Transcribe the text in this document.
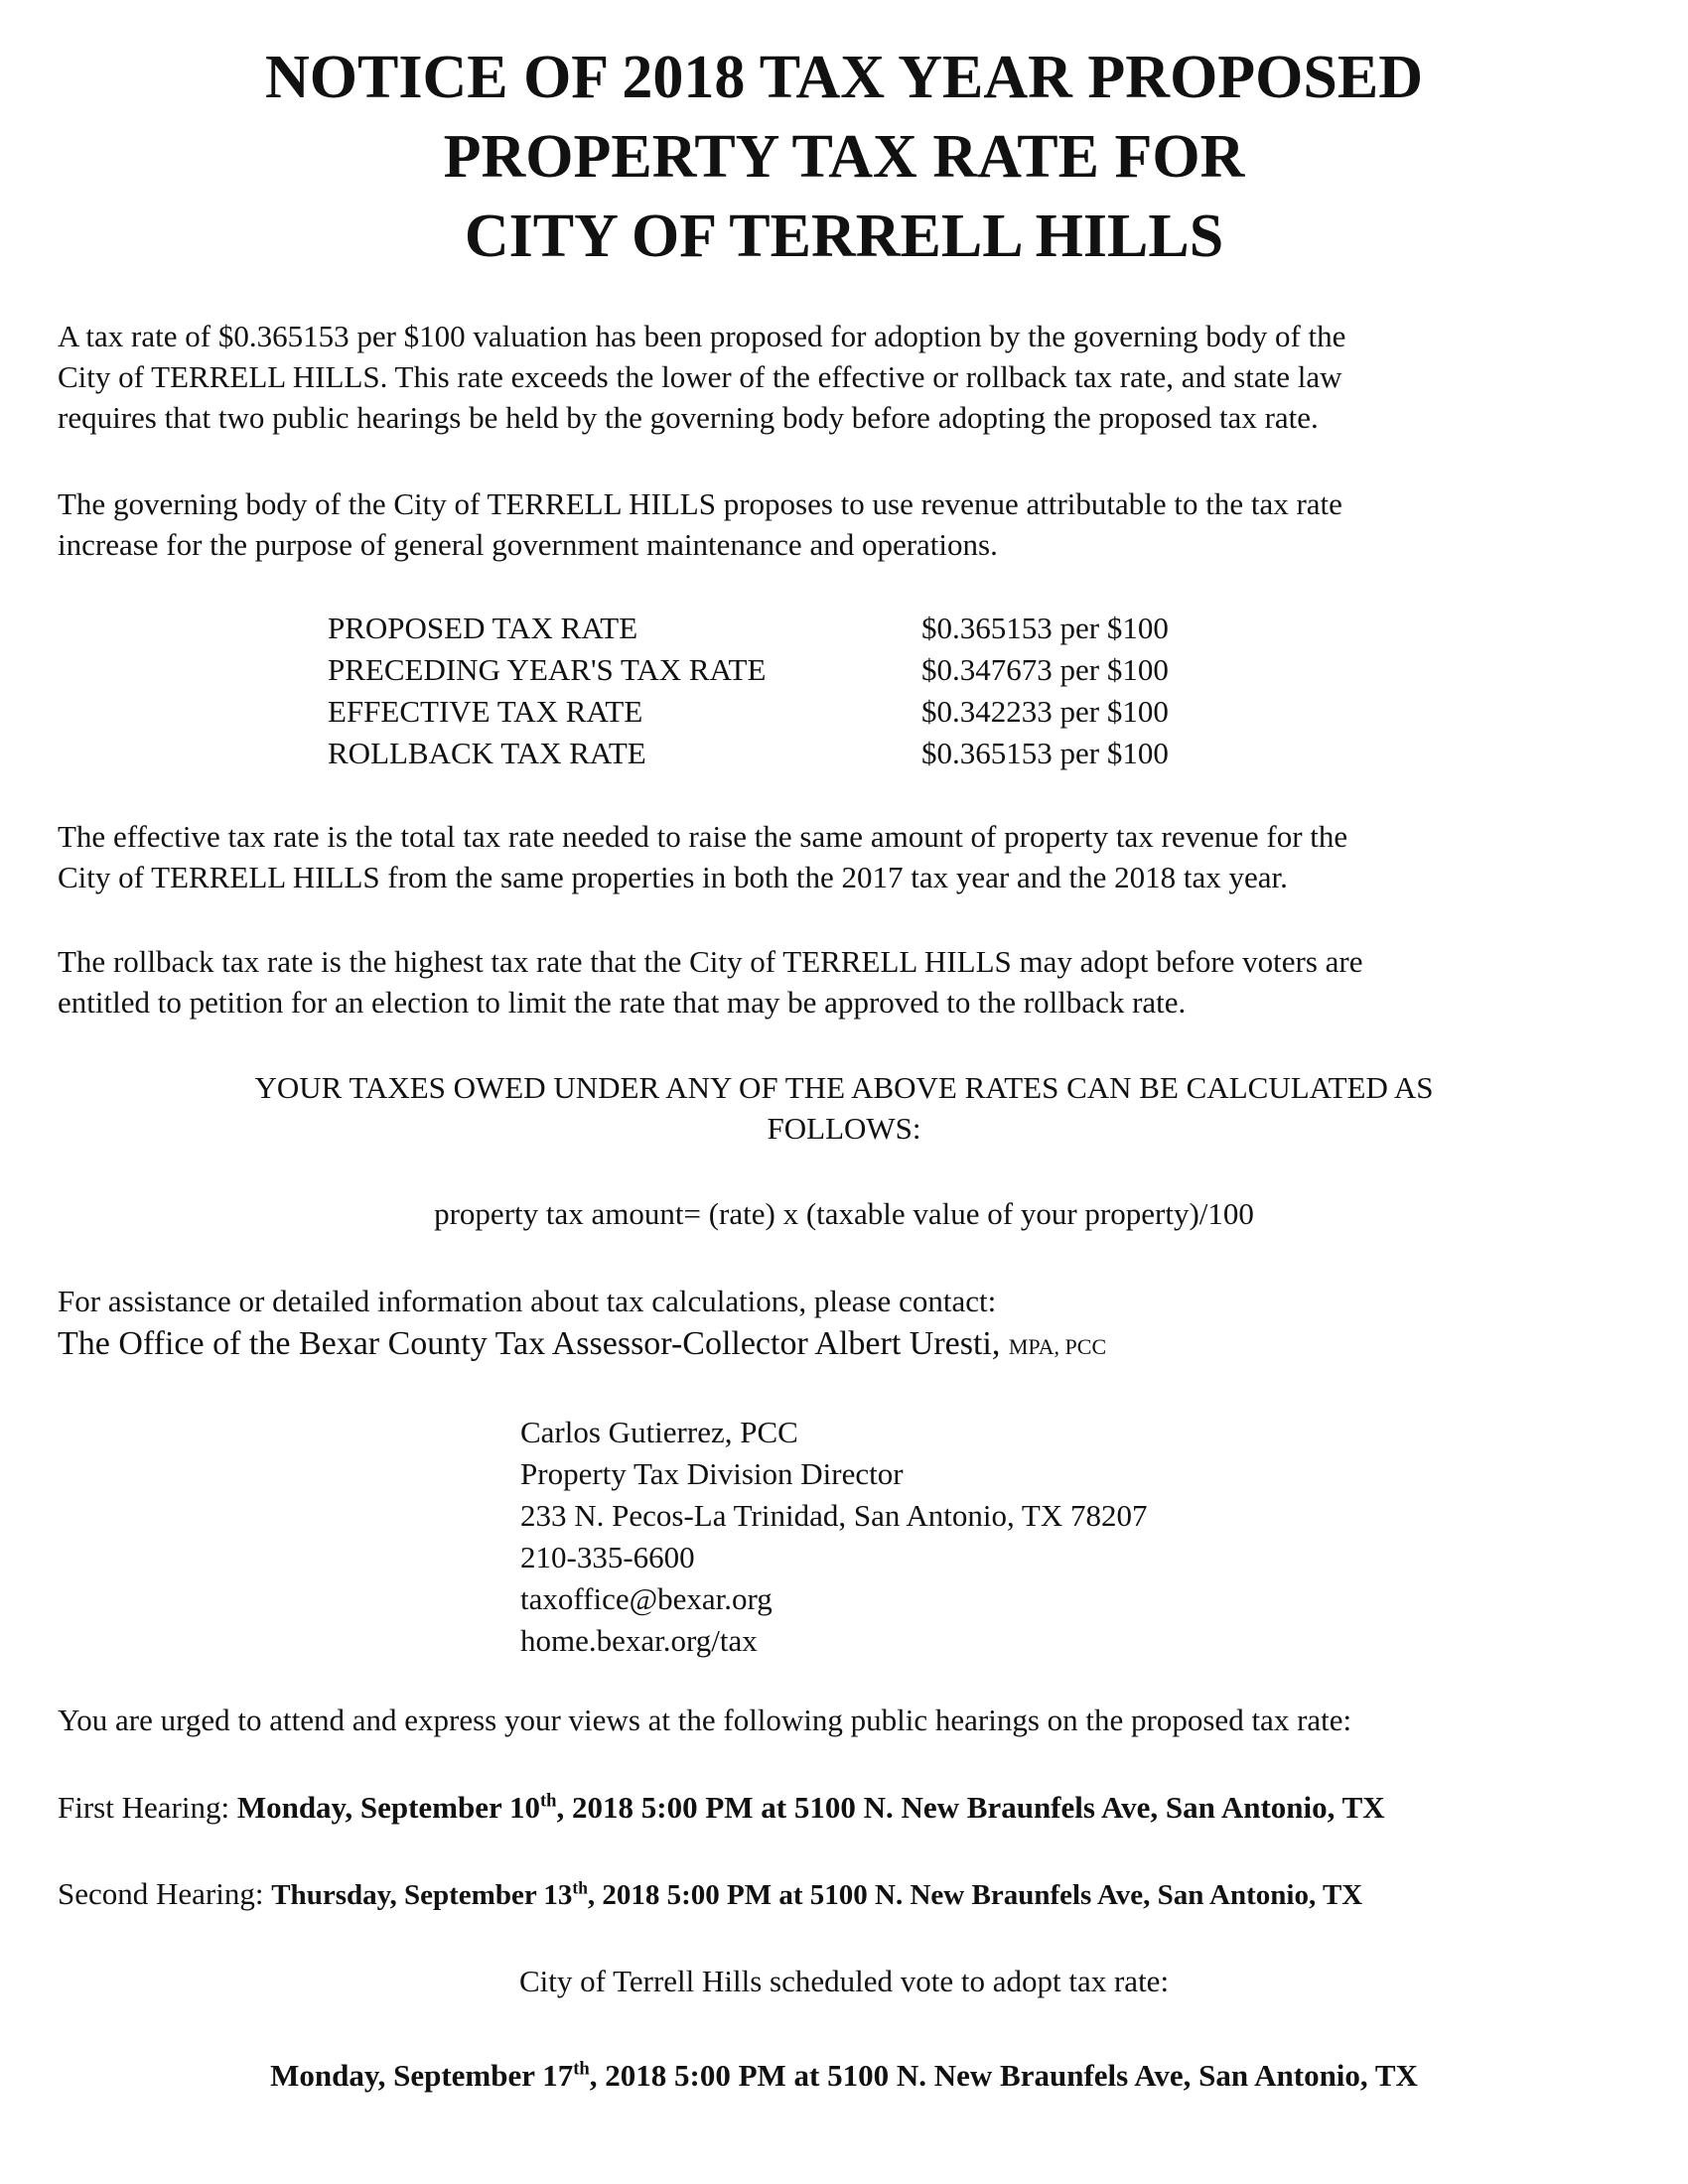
NOTICE OF 2018 TAX YEAR PROPOSED
PROPERTY TAX RATE FOR
CITY OF TERRELL HILLS
A tax rate of $0.365153 per $100 valuation has been proposed for adoption by the governing body of the
City of TERRELL HILLS. This rate exceeds the lower of the effective or rollback tax rate, and state law
requires that two public hearings be held by the governing body before adopting the proposed tax rate.
The governing body of the City of TERRELL HILLS proposes to use revenue attributable to the tax rate
increase for the purpose of general government maintenance and operations.
PROPOSED TAX RATE	$0.365153 per $100
PRECEDING YEAR'S TAX RATE	$0.347673 per $100
EFFECTIVE TAX RATE	$0.342233 per $100
ROLLBACK TAX RATE	$0.365153 per $100
The effective tax rate is the total tax rate needed to raise the same amount of property tax revenue for the
City of TERRELL HILLS from the same properties in both the 2017 tax year and the 2018 tax year.
The rollback tax rate is the highest tax rate that the City of TERRELL HILLS may adopt before voters are
entitled to petition for an election to limit the rate that may be approved to the rollback rate.
YOUR TAXES OWED UNDER ANY OF THE ABOVE RATES CAN BE CALCULATED AS
FOLLOWS:
property tax amount= (rate) x (taxable value of your property)/100
For assistance or detailed information about tax calculations, please contact:
The Office of the Bexar County Tax Assessor-Collector Albert Uresti, MPA, PCC
Carlos Gutierrez, PCC
Property Tax Division Director
233 N. Pecos-La Trinidad, San Antonio, TX 78207
210-335-6600
taxoffice@bexar.org
home.bexar.org/tax
You are urged to attend and express your views at the following public hearings on the proposed tax rate:
First Hearing: Monday, September 10th, 2018 5:00 PM at 5100 N. New Braunfels Ave, San Antonio, TX
Second Hearing: Thursday, September 13th, 2018 5:00 PM at 5100 N. New Braunfels Ave, San Antonio, TX
City of Terrell Hills scheduled vote to adopt tax rate:
Monday, September 17th, 2018 5:00 PM at 5100 N. New Braunfels Ave, San Antonio, TX
